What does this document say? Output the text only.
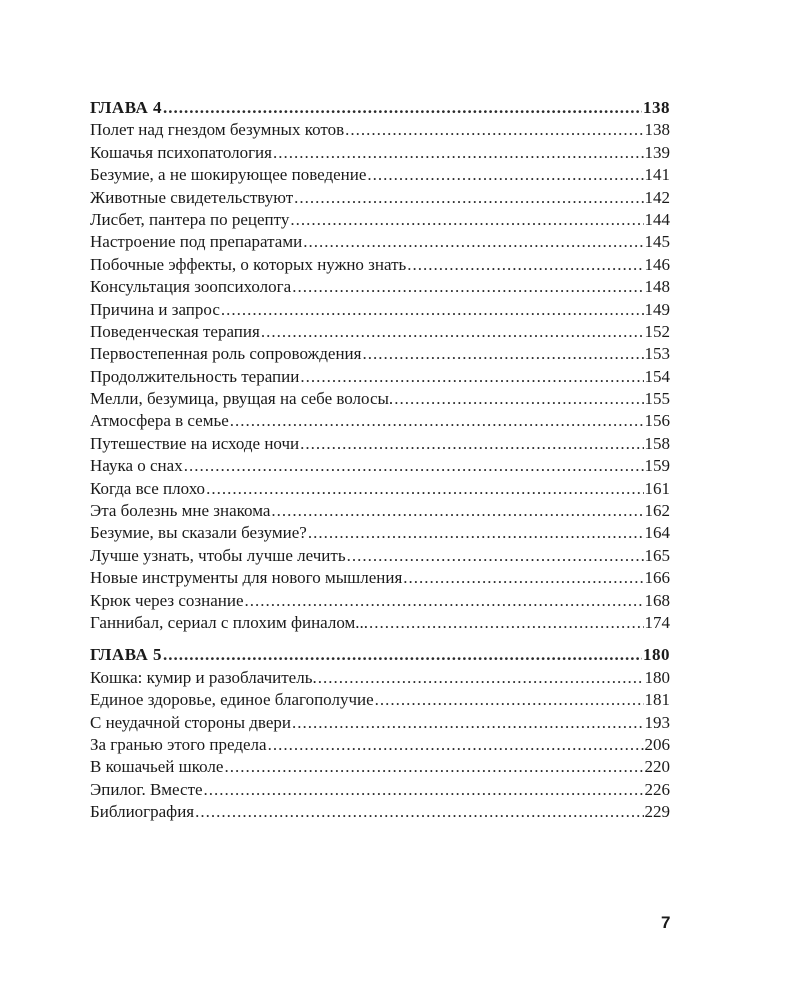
ГЛАВА 4 .....	138
Полет над гнездом безумных котов .....	138
Кошачья психопатология .....	139
Безумие, а не шокирующее поведение .....	141
Животные свидетельствуют .....	142
Лисбет, пантера по рецепту .....	144
Настроение под препаратами .....	145
Побочные эффекты, о которых нужно знать .....	146
Консультация зоопсихолога .....	148
Причина и запрос .....	149
Поведенческая терапия .....	152
Первостепенная роль сопровождения .....	153
Продолжительность терапии .....	154
Мелли, безумица, рвущая на себе волосы. .....	155
Атмосфера в семье .....	156
Путешествие на исходе ночи .....	158
Наука о снах .....	159
Когда все плохо .....	161
Эта болезнь мне знакома .....	162
Безумие, вы сказали безумие? .....	164
Лучше узнать, чтобы лучше лечить .....	165
Новые инструменты для нового мышления .....	166
Крюк через сознание .....	168
Ганнибал, сериал с плохим финалом... .....	174
ГЛАВА 5 .....	180
Кошка: кумир и разоблачитель. .....	180
Единое здоровье, единое благополучие .....	181
С неудачной стороны двери .....	193
За гранью этого предела .....	206
В кошачьей школе .....	220
Эпилог. Вместе .....	226
Библиография .....	229
7
